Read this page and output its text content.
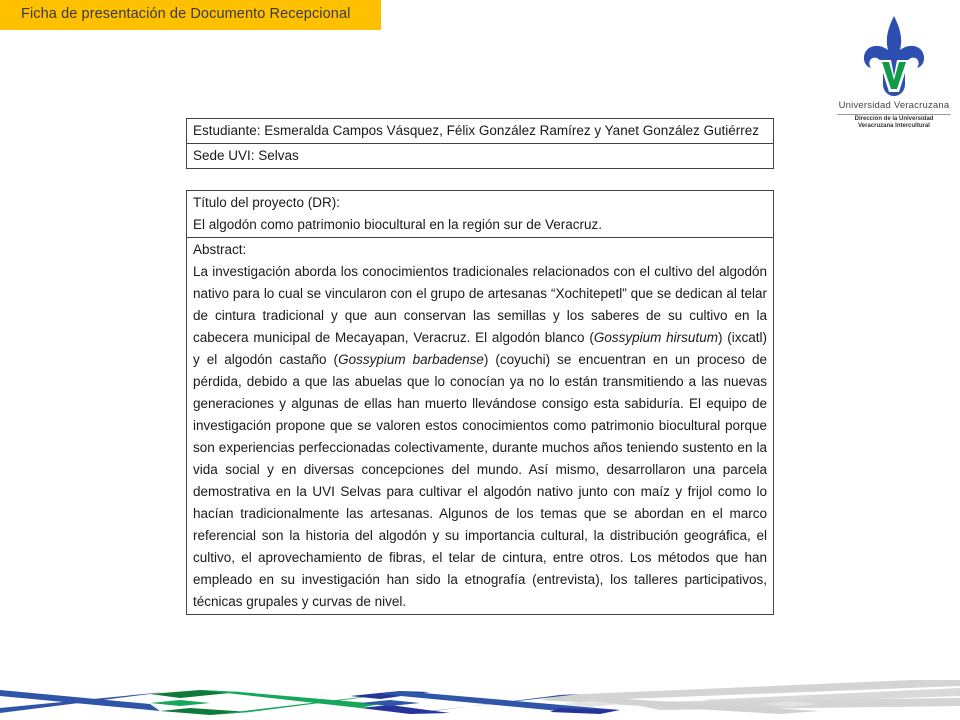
Ficha de presentación de Documento Recepcional
Universidad Veracruzana
Dirección de la Universidad
Veracruzana Intercultural
Estudiante: Esmeralda Campos Vásquez, Félix González Ramírez y Yanet González Gutiérrez
Sede UVI: Selvas
Título del proyecto (DR):
El algodón como patrimonio biocultural en la región sur de Veracruz.

Abstract:
La investigación aborda los conocimientos tradicionales relacionados con el cultivo del algodón nativo para lo cual se vincularon con el grupo de artesanas “Xochitepetl” que se dedican al telar de cintura tradicional y que aun conservan las semillas y los saberes de su cultivo en la cabecera municipal de Mecayapan, Veracruz. El algodón blanco (Gossypium hirsutum) (ixcatl) y el algodón castaño (Gossypium barbadense) (coyuchi) se encuentran en un proceso de pérdida, debido a que las abuelas que lo conocían ya no lo están transmitiendo a las nuevas generaciones y algunas de ellas han muerto llevándose consigo esta sabiduría. El equipo de investigación propone que se valoren estos conocimientos como patrimonio biocultural porque son experiencias perfeccionadas colectivamente, durante muchos años teniendo sustento en la vida social y en diversas concepciones del mundo. Así mismo, desarrollaron una parcela demostrativa en la UVI Selvas para cultivar el algodón nativo junto con maíz y frijol como lo hacían tradicionalmente las artesanas. Algunos de los temas que se abordan en el marco referencial son la historia del algodón y su importancia cultural, la distribución geográfica, el cultivo, el aprovechamiento de fibras, el telar de cintura, entre otros. Los métodos que han empleado en su investigación han sido la etnografía (entrevista), los talleres participativos, técnicas grupales y curvas de nivel.
